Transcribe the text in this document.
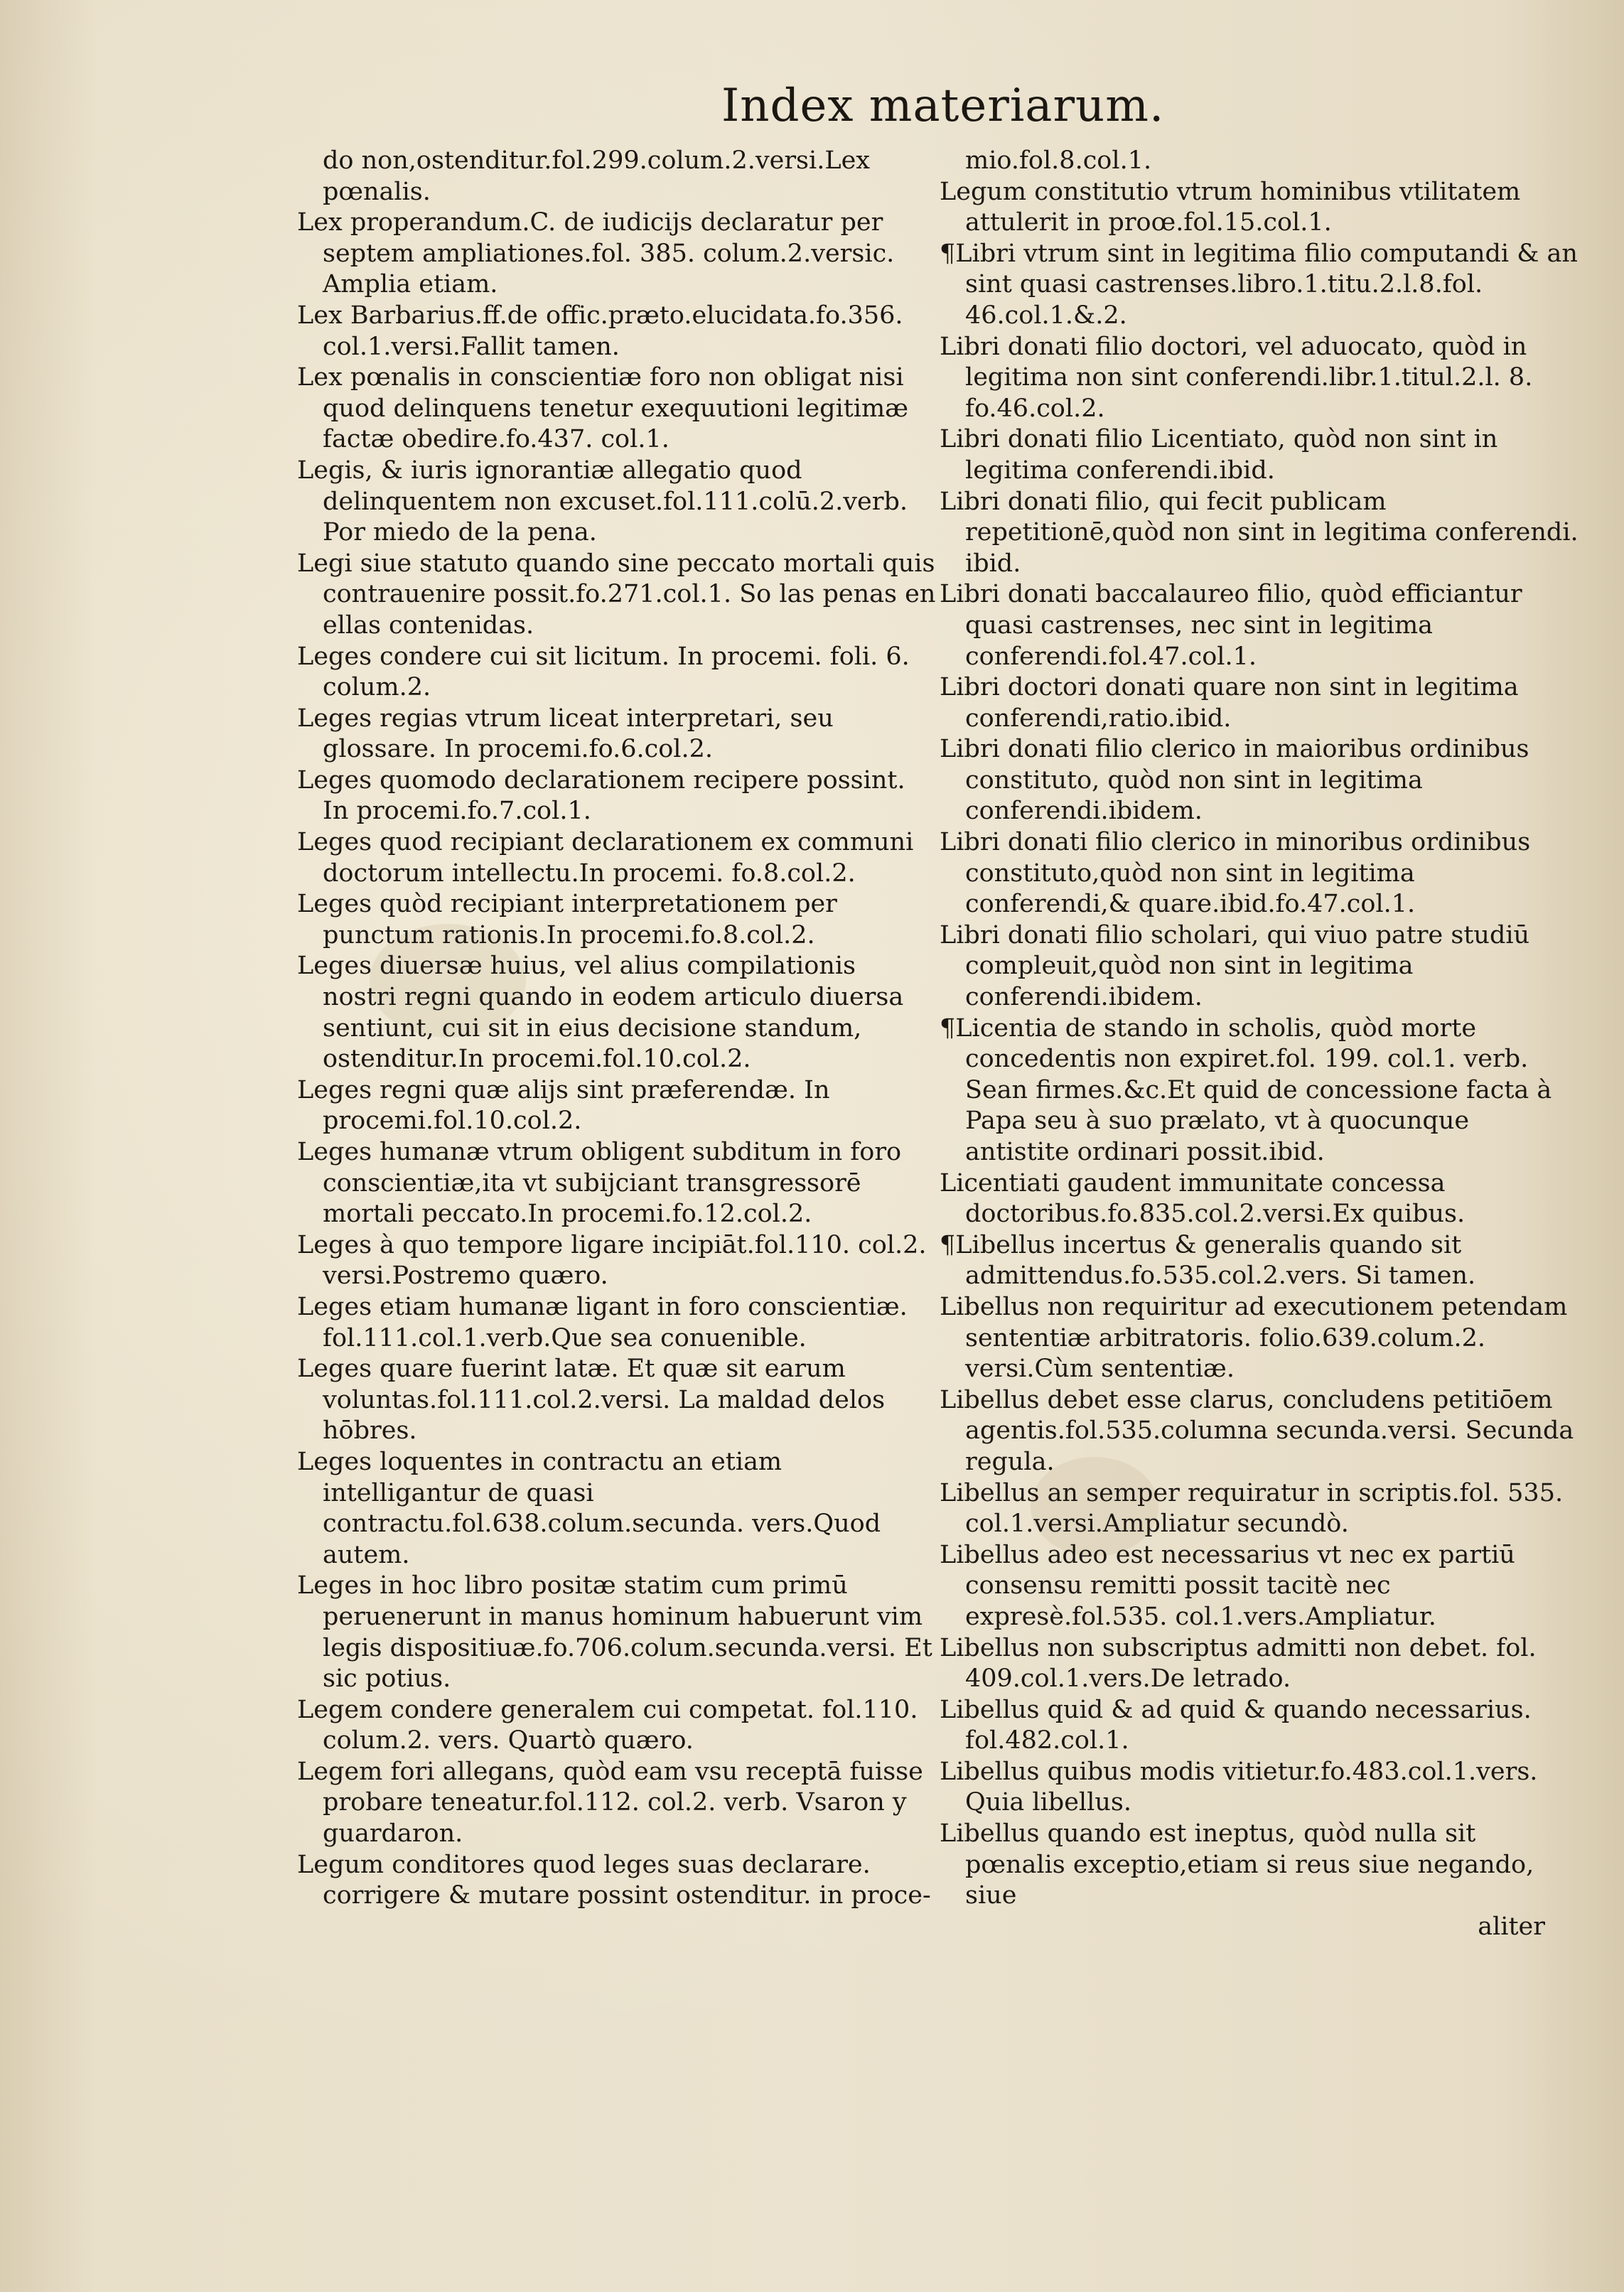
Index materiarum.
do non,ostenditur.fol.299.colum.2.versi.Lex pœnalis.
Lex properandum.C. de iudicijs declaratur per septem ampliationes.fol. 385. colum.2.versic. Amplia etiam.
Lex Barbarius.ff.de offic.præto.elucidata.fo.356. col.1.versi.Fallit tamen.
Lex pœnalis in conscientiæ foro non obligat nisi quod delinquens tenetur exequutioni legitimæ factæ obedire.fo.437. col.1.
Legis, & iuris ignorantiæ allegatio quod delinquentem non excuset.fol.111.colū.2.verb. Por miedo de la pena.
Legi siue statuto quando sine peccato mortali quis contrauenire possit.fo.271.col.1. So las penas en ellas contenidas.
Leges condere cui sit licitum. In procemi. foli. 6. colum.2.
Leges regias vtrum liceat interpretari, seu glossare. In procemi.fo.6.col.2.
Leges quomodo declarationem recipere possint. In procemi.fo.7.col.1.
Leges quod recipiant declarationem ex communi doctorum intellectu.In procemi. fo.8.col.2.
Leges quòd recipiant interpretationem per punctum rationis.In procemi.fo.8.col.2.
Leges diuersæ huius, vel alius compilationis nostri regni quando in eodem articulo diuersa sentiunt, cui sit in eius decisione standum, ostenditur.In procemi.fol.10.col.2.
Leges regni quæ alijs sint præferendæ. In procemi.fol.10.col.2.
Leges humanæ vtrum obligent subditum in foro conscientiæ,ita vt subijciant transgressorē mortali peccato.In procemi.fo.12.col.2.
Leges à quo tempore ligare incipiāt.fol.110. col.2. versi.Postremo quæro.
Leges etiam humanæ ligant in foro conscientiæ. fol.111.col.1.verb.Que sea conuenible.
Leges quare fuerint latæ. Et quæ sit earum voluntas.fol.111.col.2.versi. La maldad delos hōbres.
Leges loquentes in contractu an etiam intelligantur de quasi contractu.fol.638.colum.secunda. vers.Quod autem.
Leges in hoc libro positæ statim cum primū peruenerunt in manus hominum habuerunt vim legis dispositiuæ.fo.706.colum.secunda.versi. Et sic potius.
Legem condere generalem cui competat. fol.110. colum.2. vers. Quartò quæro.
Legem fori allegans, quòd eam vsu receptā fuisse probare teneatur.fol.112. col.2. verb. Vsaron y guardaron.
Legum conditores quod leges suas declarare. corrigere & mutare possint ostenditur. in proce-
mio.fol.8.col.1.
Legum constitutio vtrum hominibus vtilitatem attulerit in proœ.fol.15.col.1.
¶Libri vtrum sint in legitima filio computandi & an sint quasi castrenses.libro.1.titu.2.l.8.fol. 46.col.1.&.2.
Libri donati filio doctori, vel aduocato, quòd in legitima non sint conferendi.libr.1.titul.2.l. 8. fo.46.col.2.
Libri donati filio Licentiato, quòd non sint in legitima conferendi.ibid.
Libri donati filio, qui fecit publicam repetitionē,quòd non sint in legitima conferendi. ibid.
Libri donati baccalaureo filio, quòd efficiantur quasi castrenses, nec sint in legitima conferendi.fol.47.col.1.
Libri doctori donati quare non sint in legitima conferendi,ratio.ibid.
Libri donati filio clerico in maioribus ordinibus constituto, quòd non sint in legitima conferendi.ibidem.
Libri donati filio clerico in minoribus ordinibus constituto,quòd non sint in legitima conferendi,& quare.ibid.fo.47.col.1.
Libri donati filio scholari, qui viuo patre studiū compleuit,quòd non sint in legitima conferendi.ibidem.
¶Licentia de stando in scholis, quòd morte concedentis non expiret.fol. 199. col.1. verb. Sean firmes.&c.Et quid de concessione facta à Papa seu à suo prælato, vt à quocunque antistite ordinari possit.ibid.
Licentiati gaudent immunitate concessa doctoribus.fo.835.col.2.versi.Ex quibus.
¶Libellus incertus & generalis quando sit admittendus.fo.535.col.2.vers. Si tamen.
Libellus non requiritur ad executionem petendam sententiæ arbitratoris. folio.639.colum.2. versi.Cùm sententiæ.
Libellus debet esse clarus, concludens petitiōem agentis.fol.535.columna secunda.versi. Secunda regula.
Libellus an semper requiratur in scriptis.fol. 535. col.1.versi.Ampliatur secundò.
Libellus adeo est necessarius vt nec ex partiū consensu remitti possit tacitè nec expresè.fol.535. col.1.vers.Ampliatur.
Libellus non subscriptus admitti non debet. fol. 409.col.1.vers.De letrado.
Libellus quid & ad quid & quando necessarius. fol.482.col.1.
Libellus quibus modis vitietur.fo.483.col.1.vers. Quia libellus.
Libellus quando est ineptus, quòd nulla sit pœnalis exceptio,etiam si reus siue negando, siue
aliter
